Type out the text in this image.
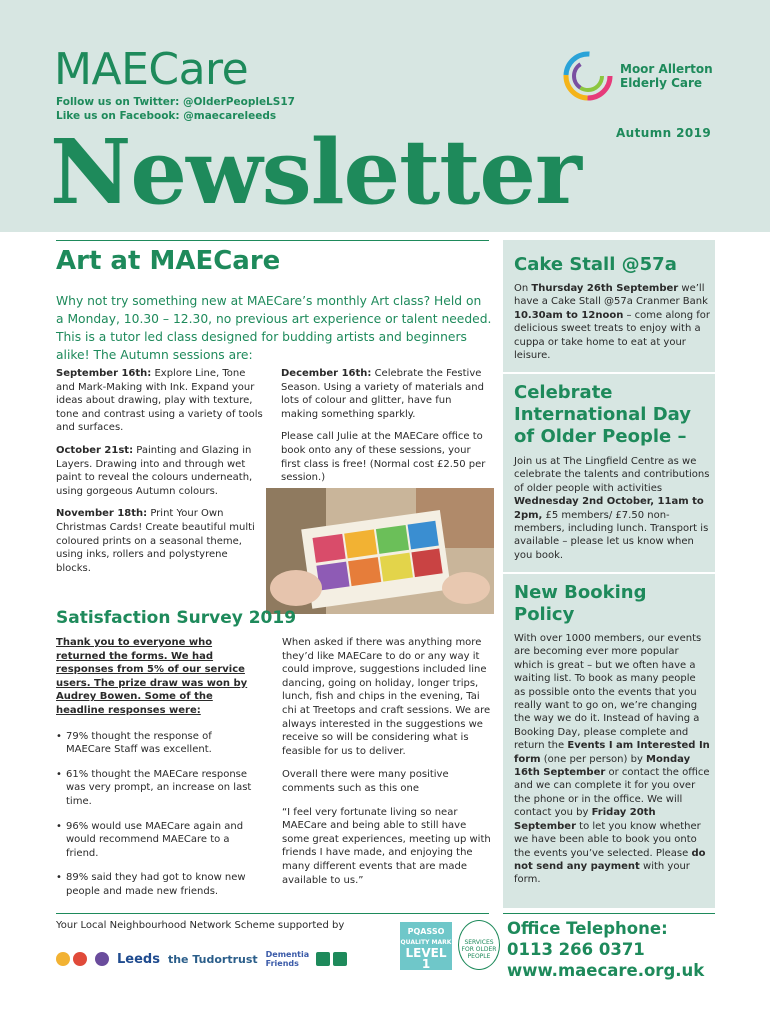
MAECare
Follow us on Twitter: @OlderPeopleLS17
Like us on Facebook: @maecareleeds
Newsletter	Autumn 2019
Moor Allerton
Elderly Care
Cake Stall @57a
On Thursday 26th September we’ll have a Cake Stall @57a Cranmer Bank 10.30am to 12noon – come along for delicious sweet treats to enjoy with a cuppa or take home to eat at your leisure.
Celebrate International Day of Older People –
Join us at The Lingfield Centre as we celebrate the talents and contributions of older people with activities Wednesday 2nd October, 11am to 2pm, £5 members/ £7.50 non-members, including lunch. Transport is available – please let us know when you book.
New Booking Policy
With over 1000 members, our events are becoming ever more popular which is great – but we often have a waiting list. To book as many people as possible onto the events that you really want to go on, we’re changing the way we do it. Instead of having a Booking Day, please complete and return the Events I am Interested In form (one per person) by Monday 16th September or contact the office and we can complete it for you over the phone or in the office. We will contact you by Friday 20th September to let you know whether we have been able to book you onto the events you’ve selected. Please do not send any payment with your form.
Art at MAECare
Why not try something new at MAECare’s monthly Art class? Held on a Monday, 10.30 – 12.30, no previous art experience or talent needed. This is a tutor led class designed for budding artists and beginners alike! The Autumn sessions are:

September 16th: Explore Line, Tone and Mark-Making with Ink. Expand your ideas about drawing, play with texture, tone and contrast using a variety of tools and surfaces.

October 21st: Painting and Glazing in Layers. Drawing into and through wet paint to reveal the colours underneath, using gorgeous Autumn colours.

November 18th: Print Your Own Christmas Cards! Create beautiful multi coloured prints on a seasonal theme, using inks, rollers and polystyrene blocks.

December 16th: Celebrate the Festive Season. Using a variety of materials and lots of colour and glitter, have fun making something sparkly.

Please call Julie at the MAECare office to book onto any of these sessions, your first class is free! (Normal cost £2.50 per session.)

Satisfaction Survey 2019
Thank you to everyone who returned the forms. We had responses from 5% of our service users. The prize draw was won by Audrey Bowen. Some of the headline responses were:
• 79% thought the response of MAECare Staff was excellent.
• 61% thought the MAECare response was very prompt, an increase on last time.
• 96% would use MAECare again and would recommend MAECare to a friend.
• 89% said they had got to know new people and made new friends.

When asked if there was anything more they’d like MAECare to do or any way it could improve, suggestions included line dancing, going on holiday, longer trips, lunch, fish and chips in the evening, Tai chi at Treetops and craft sessions. We are always interested in the suggestions we receive so will be considering what is feasible for us to deliver.

Overall there were many positive comments such as this one

“I feel very fortunate living so near MAECare and being able to still have some great experiences, meeting up with friends I have made, and enjoying the many different events that are made available to us.”

Your Local Neighbourhood Network Scheme supported by
Leeds the Tudortrust Dementia Friends
PQASSO
QUALITY MARK
LEVEL 1
SERVICES FOR OLDER PEOPLE
Office Telephone:
0113 266 0371
www.maecare.org.uk
